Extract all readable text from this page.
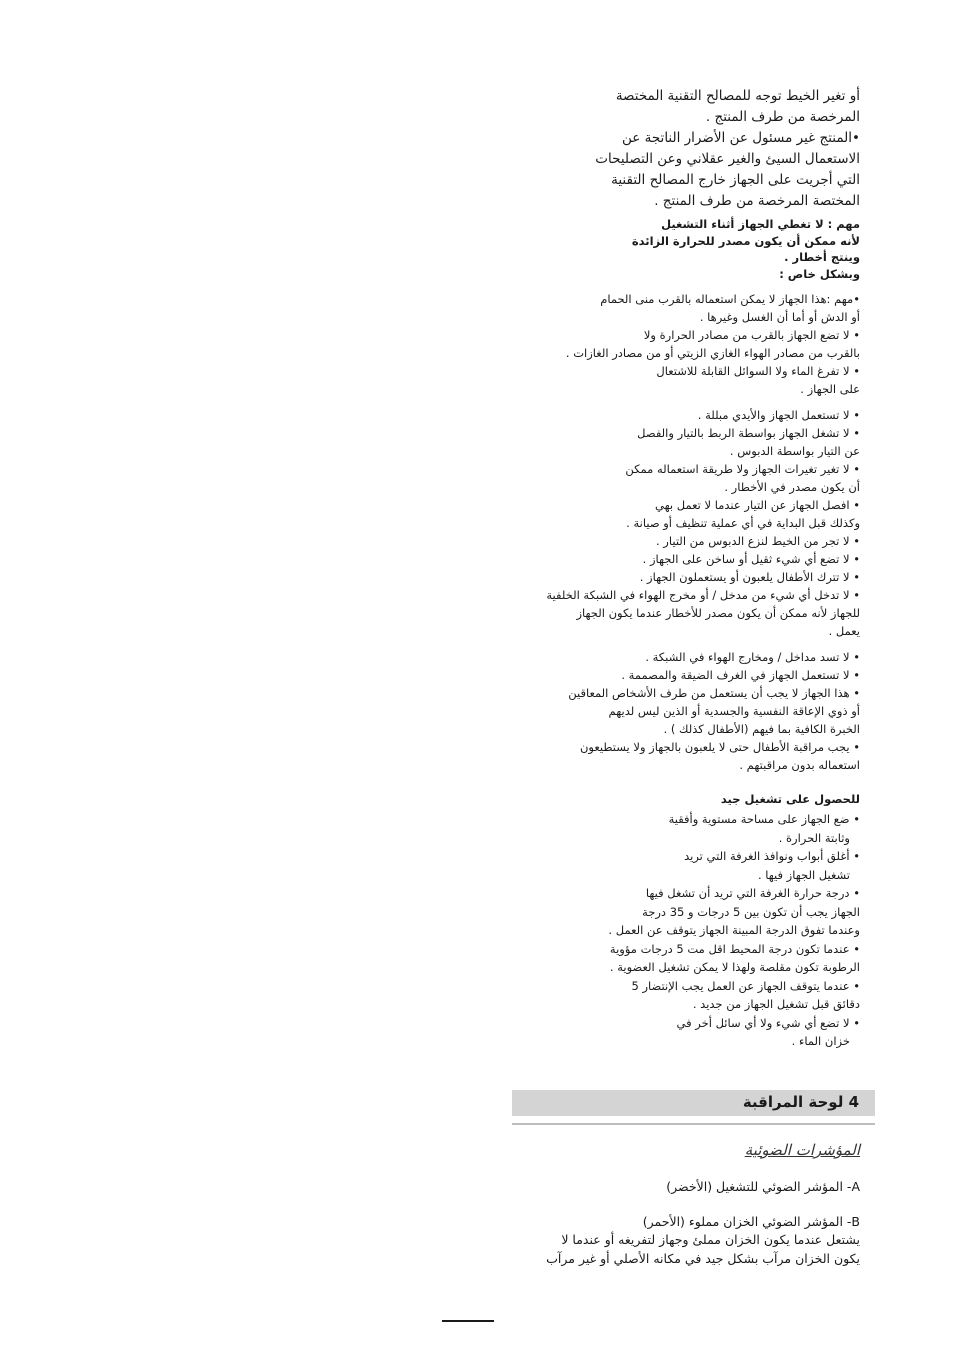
أو تغير الخيط توجه للمصالح التقنية المختصة

المرخصة من طرف المنتج .

•المنتج غير مسئول عن الأضرار الناتجة عن

الاستعمال السيئ والغير عقلاني وعن التصليحات

التي أجريت على الجهاز خارج المصالح التقنية

المختصة المرخصة من طرف المنتج .

مهم : لا تغطي الجهاز أثناء التشغيل

لأنه ممكن أن يكون مصدر للحرارة الزائدة

وينتج أخطار .

وبشكل خاص :

•مهم :هذا الجهاز لا يمكن استعماله بالقرب منى الحمام

أو الدش أو أما أن الغسل وغيرها .

• لا تضع الجهاز بالقرب من مصادر الحرارة ولا

بالقرب من مصادر الهواء الغازي الزيتي أو من مصادر الغازات .

• لا تفرغ الماء ولا السوائل القابلة للاشتعال

على الجهاز .

• لا تستعمل الجهاز والأيدي مبللة .

• لا تشغل الجهاز بواسطة الربط بالتيار والفصل

عن التيار بواسطة الدبوس .

• لا تغير تغيرات الجهاز ولا طريقة استعماله ممكن

أن يكون مصدر في الأخطار .

• افصل الجهاز عن التيار عندما لا تعمل بهي

وكذلك قبل البداية في أي عملية تنظيف أو صيانة .

• لا تجر من الخيط لنزع الدبوس من التيار .

• لا تضع أي شيء ثقيل أو ساخن على الجهاز .

• لا تترك الأطفال يلعبون أو يستعملون الجهاز .

• لا تدخل أي شيء من مدخل / أو مخرج الهواء في الشبكة الخلفية

للجهاز لأنه ممكن أن يكون مصدر للأخطار عندما يكون الجهاز

يعمل .

• لا تسد مداخل / ومخارج الهواء في الشبكة .

• لا تستعمل الجهاز في الغرف الضيقة والمصممة .

• هذا الجهاز لا يجب أن يستعمل من طرف الأشخاص المعاقين

أو ذوي الإعاقة النفسية والجسدية أو الذين ليس لديهم

الخبرة الكافية بما فيهم (الأطفال كذلك ) .

• يجب مراقبة الأطفال حتى لا يلعبون بالجهاز ولا يستطيعون

استعماله بدون مراقبتهم .

للحصول على تشغيل جيد

• ضع الجهاز على مساحة مستوية وأفقية

وثابتة الحرارة .

• أغلق أبواب ونوافذ الغرفة التي تريد

تشغيل الجهاز فيها .

• درجة حرارة الغرفة التي تريد أن تشغل فيها

الجهاز يجب أن تكون بين 5 درجات و 35 درجة

وعندما تفوق الدرجة المبينة الجهاز يتوقف عن العمل .

• عندما تكون درجة المحيط اقل مت 5 درجات مؤوية

الرطوبة تكون مقلصة ولهذا لا يمكن تشغيل العضوية .

• عندما يتوقف الجهاز عن العمل يجب الإنتضار 5

دقائق قبل تشغيل الجهاز من جديد .

• لا تضع أي شيء ولا أي سائل أخر في

خزان الماء .

4 لوحة المراقبة
المؤشرات الضوئية

A- المؤشر الضوئي للتشغيل (الأخضر)

B- المؤشر الضوئي الخزان مملوء (الأحمر)

يشتعل عندما يكون الخزان مملئ وجهاز لتفريغه أو عندما لا

يكون الخزان مرآب بشكل جيد في مكانه الأصلي أو غير مرآب
